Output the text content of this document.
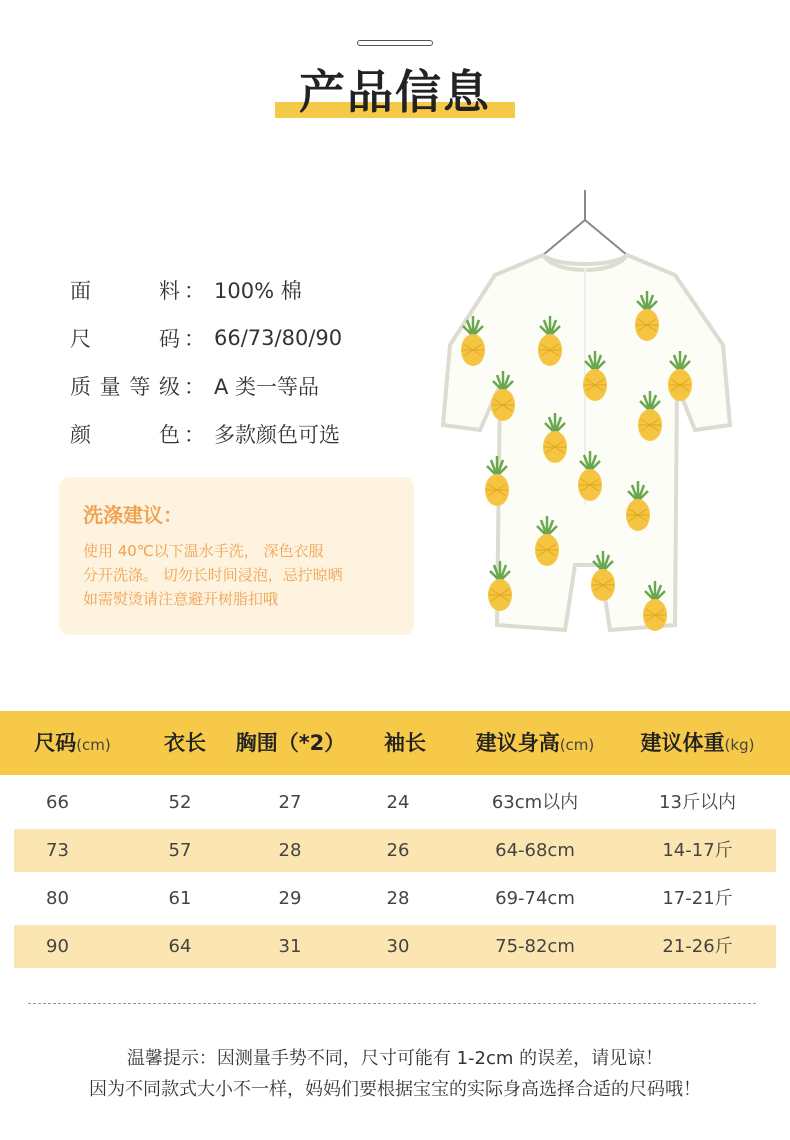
产品信息
面	料 ： 100% 棉
尺	码 ： 66/73/80/90
质 量 等 级 ： A 类一等品
颜	色 ： 多款颜色可选
洗涤建议：
使用 40℃以下温水手洗， 深色衣服
分开洗涤。 切勿长时间浸泡，忌拧晾晒
如需熨烫请注意避开树脂扣哦
尺码(cm)	衣长	胸围（*2）	袖长	建议身高(cm)	建议体重(kg)
66	52	27	24	63cm以内	13斤以内
73	57	28	26	64-68cm	14-17斤
80	61	29	28	69-74cm	17-21斤
90	64	31	30	75-82cm	21-26斤
温馨提示：因测量手势不同，尺寸可能有 1-2cm 的误差，请见谅！
因为不同款式大小不一样，妈妈们要根据宝宝的实际身高选择合适的尺码哦！
